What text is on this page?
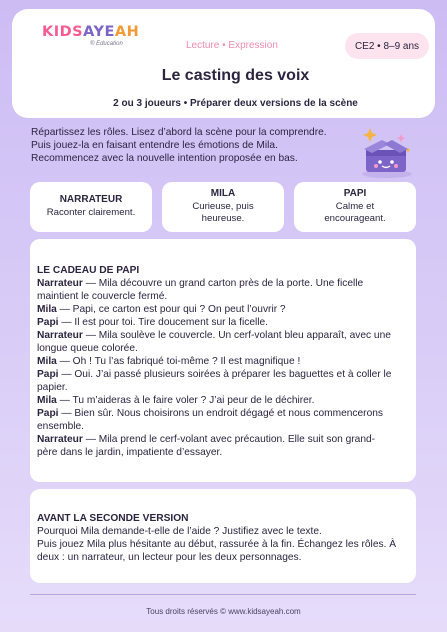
KIDSAYEAH
® Education	Lecture • Expression	CE2 • 8–9 ans
Le casting des voix
2 ou 3 joueurs • Préparer deux versions de la scène
Répartissez les rôles. Lisez d’abord la scène pour la comprendre.
Puis jouez-la en faisant entendre les émotions de Mila.
Recommencez avec la nouvelle intention proposée en bas.
NARRATEUR
Raconter clairement.
MILA
Curieuse, puis
heureuse.
PAPI
Calme et
encourageant.
LE CADEAU DE PAPI
Narrateur — Mila découvre un grand carton près de la porte. Une ficelle
maintient le couvercle fermé.
Mila — Papi, ce carton est pour qui ? On peut l’ouvrir ?
Papi — Il est pour toi. Tire doucement sur la ficelle.
Narrateur — Mila soulève le couvercle. Un cerf-volant bleu apparaît, avec une
longue queue colorée.
Mila — Oh ! Tu l’as fabriqué toi-même ? Il est magnifique !
Papi — Oui. J’ai passé plusieurs soirées à préparer les baguettes et à coller le
papier.
Mila — Tu m’aideras à le faire voler ? J’ai peur de le déchirer.
Papi — Bien sûr. Nous choisirons un endroit dégagé et nous commencerons
ensemble.
Narrateur — Mila prend le cerf-volant avec précaution. Elle suit son grand-
père dans le jardin, impatiente d’essayer.
AVANT LA SECONDE VERSION
Pourquoi Mila demande-t-elle de l’aide ? Justifiez avec le texte.
Puis jouez Mila plus hésitante au début, rassurée à la fin. Échangez les rôles. À
deux : un narrateur, un lecteur pour les deux personnages.
Tous droits réservés © www.kidsayeah.com
